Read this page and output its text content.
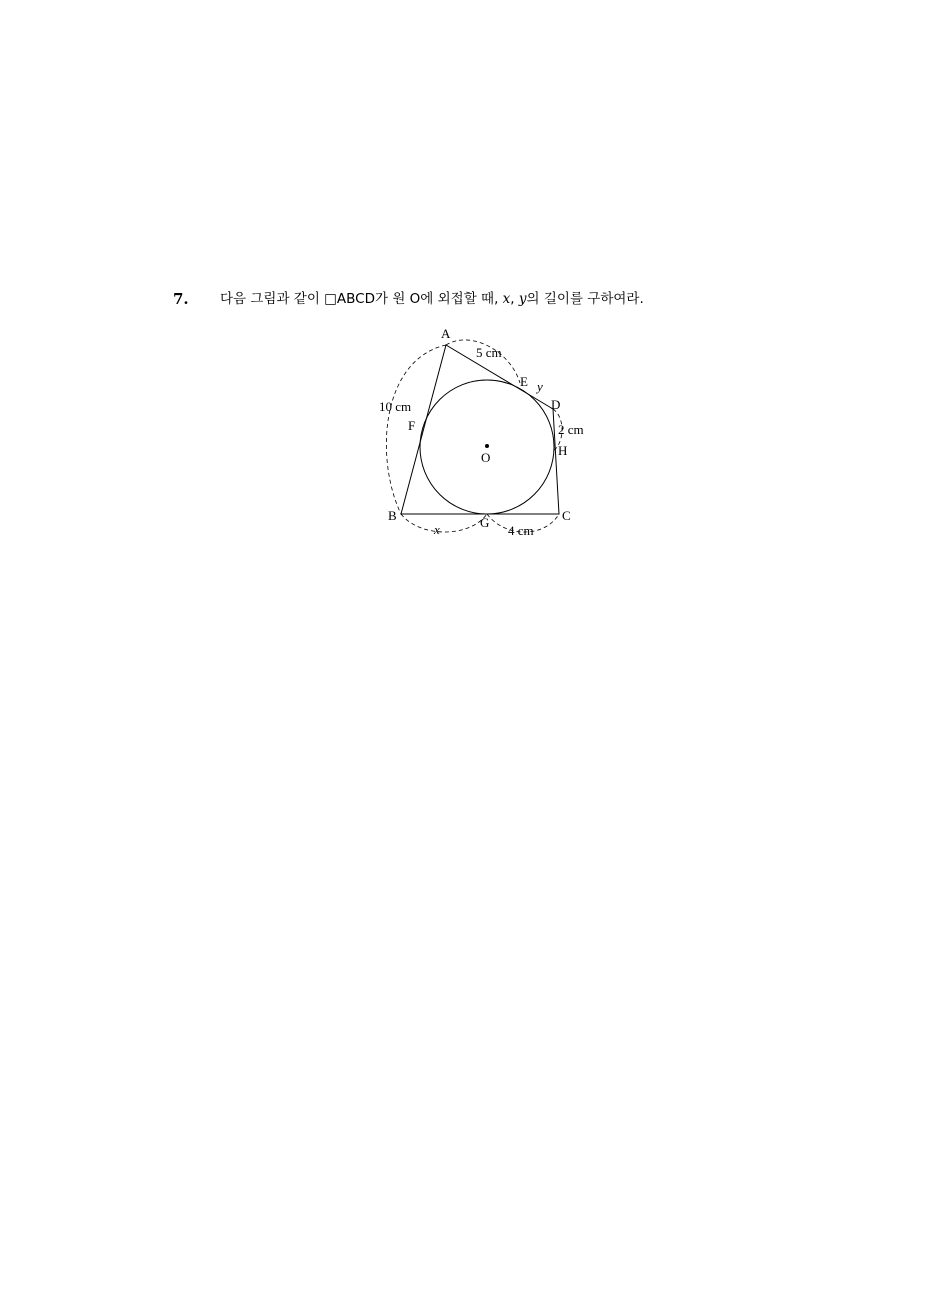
7. 다음 그림과 같이 □ABCD가 원 O에 외접할 때, x, y의 길이를 구하여라.
A
B	C
D
E
F
G
H
O
5 cm
10 cm
2 cm
4 cm
x
y
